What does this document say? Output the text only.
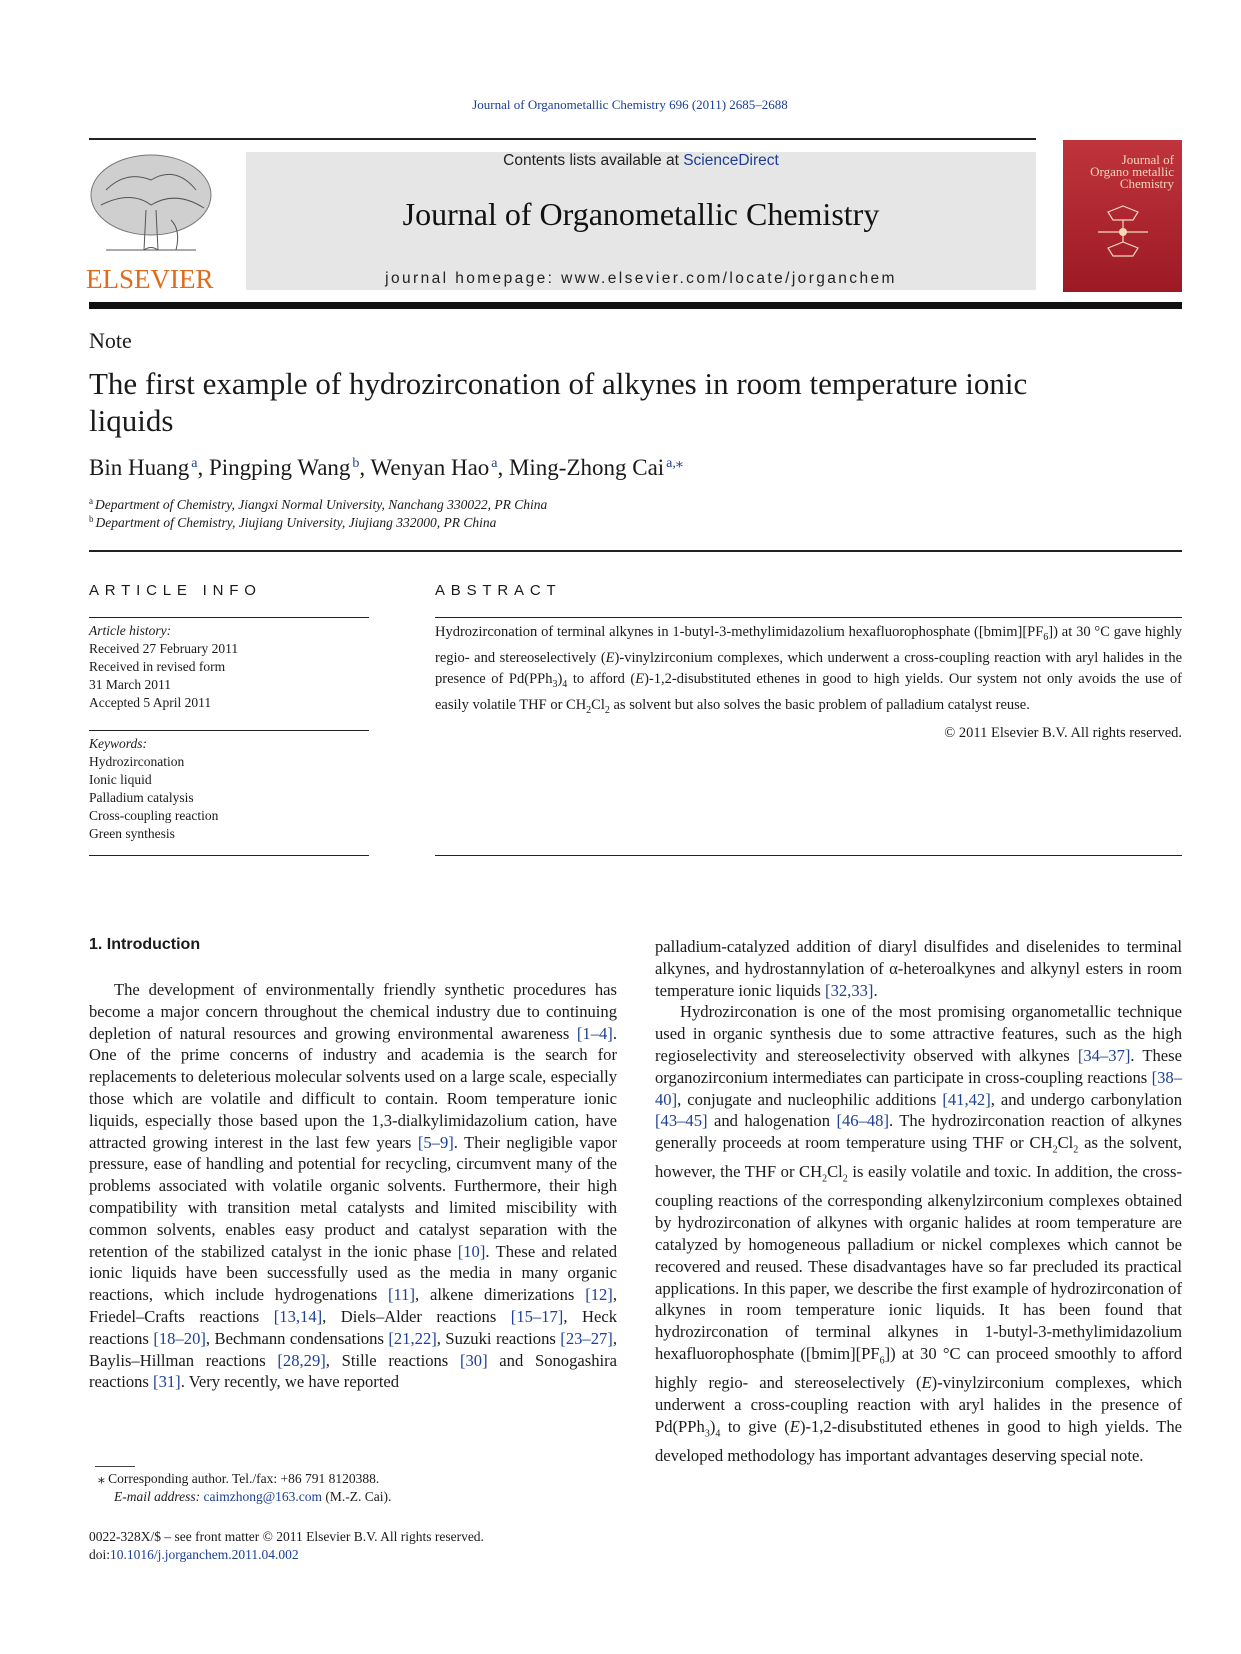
Journal of Organometallic Chemistry 696 (2011) 2685–2688
ELSEVIER
Contents lists available at ScienceDirect
Journal of Organometallic Chemistry
journal homepage: www.elsevier.com/locate/jorganchem
Journal of Organo metallic Chemistry
Note
The first example of hydrozirconation of alkynes in room temperature ionic liquids
Bin Huang  $^a$, Pingping Wang  $^b$, Wenyan Hao  $^a$, Ming-Zhong Cai  $^{a,⁎}$
$^a$ Department of Chemistry, Jiangxi Normal University, Nanchang 330022, PR China
$^b$ Department of Chemistry, Jiujiang University, Jiujiang 332000, PR China
ARTICLE INFO
Article history:
Received 27 February 2011
Received in revised form
31 March 2011
Accepted 5 April 2011
Keywords:
Hydrozirconation
Ionic liquid
Palladium catalysis
Cross-coupling reaction
Green synthesis
ABSTRACT
Hydrozirconation of terminal alkynes in 1-butyl-3-methylimidazolium hexafluorophosphate $([bmim][PF_6])$ at 30 °C gave highly regio- and stereoselectively (E)-vinylzirconium complexes, which underwent a cross-coupling reaction with aryl halides in the presence of $Pd(PPh_3)_4$ to afford (E)-1,2-disubstituted ethenes in good to high yields. Our system not only avoids the use of easily volatile THF or $CH_2Cl_2$ as solvent but also solves the basic problem of palladium catalyst reuse.
© 2011 Elsevier B.V. All rights reserved.
1. Introduction

The development of environmentally friendly synthetic procedures has become a major concern throughout the chemical industry due to continuing depletion of natural resources and growing environmental awareness [1–4]. One of the prime concerns of industry and academia is the search for replacements to deleterious molecular solvents used on a large scale, especially those which are volatile and difficult to contain. Room temperature ionic liquids, especially those based upon the 1,3-dialkylimidazolium cation, have attracted growing interest in the last few years [5–9]. Their negligible vapor pressure, ease of handling and potential for recycling, circumvent many of the problems associated with volatile organic solvents. Furthermore, their high compatibility with transition metal catalysts and limited miscibility with common solvents, enables easy product and catalyst separation with the retention of the stabilized catalyst in the ionic phase [10]. These and related ionic liquids have been successfully used as the media in many organic reactions, which include hydrogenations [11], alkene dimerizations [12], Friedel–Crafts reactions [13,14], Diels–Alder reactions [15–17], Heck reactions [18–20], Bechmann condensations [21,22], Suzuki reactions [23–27], Baylis–Hillman reactions [28,29], Stille reactions [30] and Sonogashira reactions [31]. Very recently, we have reported

palladium-catalyzed addition of diaryl disulfides and diselenides to terminal alkynes, and hydrostannylation of α-heteroalkynes and alkynyl esters in room temperature ionic liquids [32,33].

Hydrozirconation is one of the most promising organometallic technique used in organic synthesis due to some attractive features, such as the high regioselectivity and stereoselectivity observed with alkynes [34–37]. These organozirconium intermediates can participate in cross-coupling reactions [38–40], conjugate and nucleophilic additions [41,42], and undergo carbonylation [43–45] and halogenation [46–48]. The hydrozirconation reaction of alkynes generally proceeds at room temperature using THF or $CH_2Cl_2$ as the solvent, however, the THF or $CH_2Cl_2$ is easily volatile and toxic. In addition, the cross-coupling reactions of the corresponding alkenylzirconium complexes obtained by hydrozirconation of alkynes with organic halides at room temperature are catalyzed by homogeneous palladium or nickel complexes which cannot be recovered and reused. These disadvantages have so far precluded its practical applications. In this paper, we describe the first example of hydrozirconation of alkynes in room temperature ionic liquids. It has been found that hydrozirconation of terminal alkynes in 1-butyl-3-methylimidazolium hexafluorophosphate $([bmim][PF_6])$ at 30 °C can proceed smoothly to afford highly regio- and stereoselectively (E)-vinylzirconium complexes, which underwent a cross-coupling reaction with aryl halides in the presence of $Pd(PPh_3)_4$ to give (E)-1,2-disubstituted ethenes in good to high yields. The developed methodology has important advantages deserving special note.

⁎ Corresponding author. Tel./fax: +86 791 8120388.
E-mail address: caimzhong@163.com (M.-Z. Cai).
0022-328X/$ – see front matter © 2011 Elsevier B.V. All rights reserved.
doi:10.1016/j.jorganchem.2011.04.002
